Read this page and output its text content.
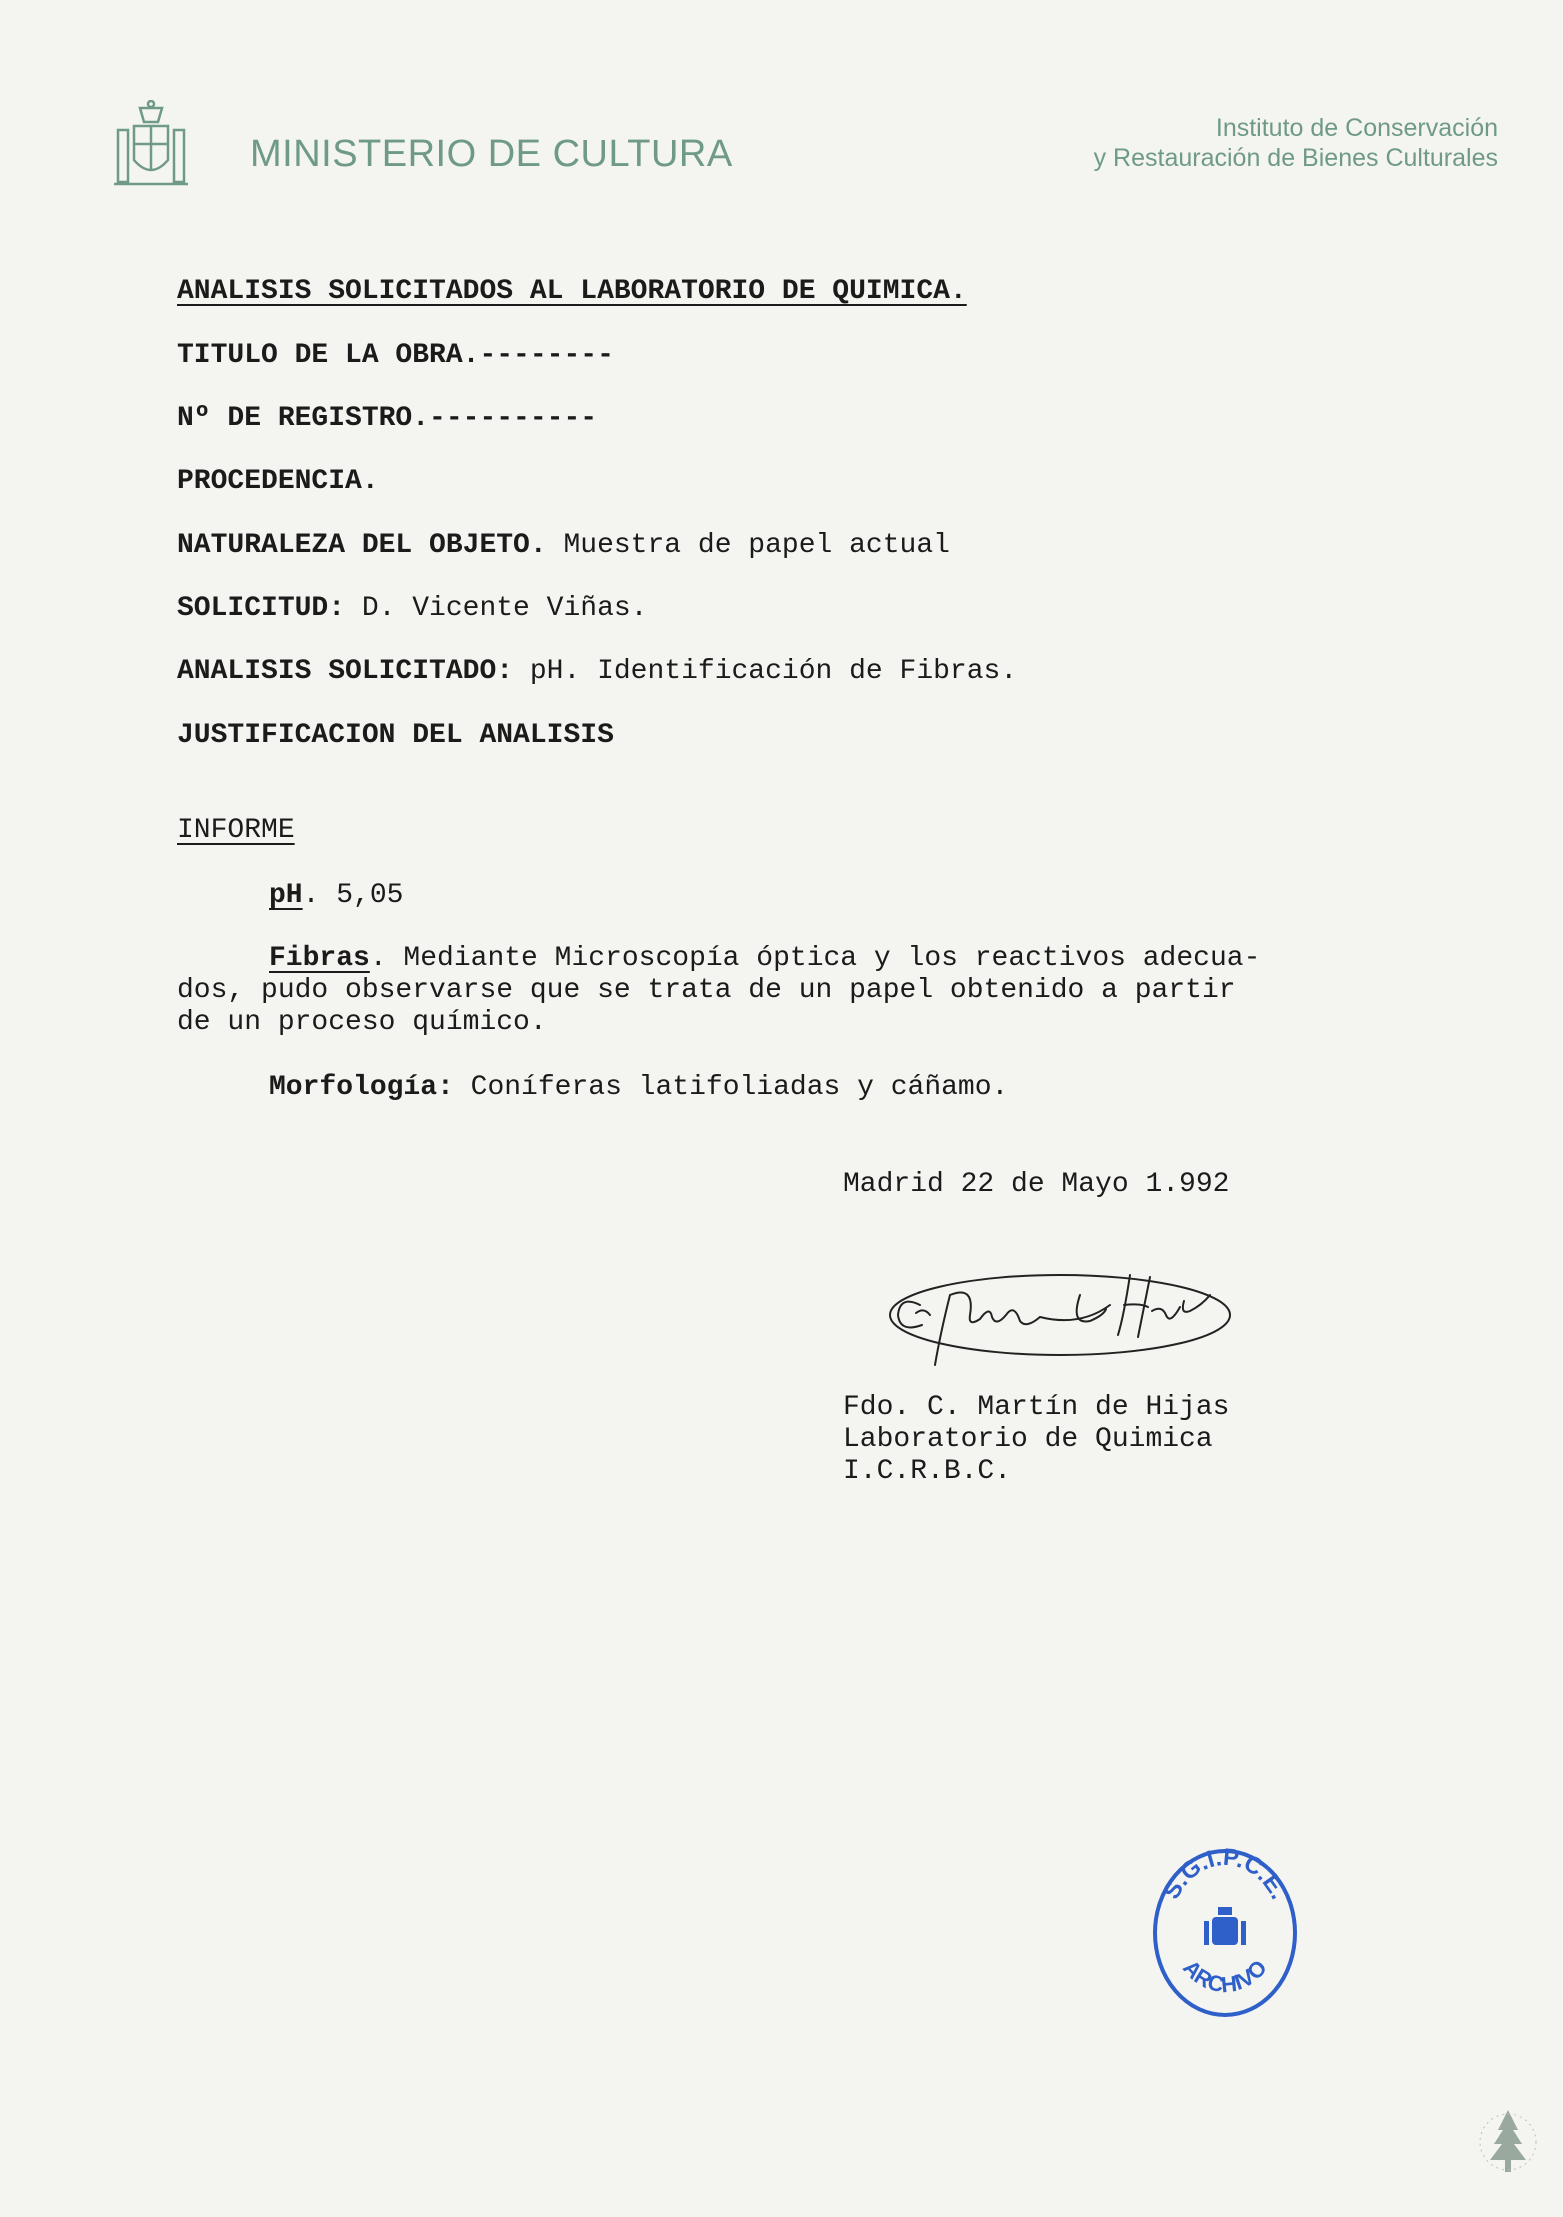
MINISTERIO DE CULTURA
Instituto de Conservación
y Restauración de Bienes Culturales
ANALISIS SOLICITADOS AL LABORATORIO DE QUIMICA.
TITULO DE LA OBRA.--------
Nº DE REGISTRO.----------
PROCEDENCIA.
NATURALEZA DEL OBJETO. Muestra de papel actual
SOLICITUD: D. Vicente Viñas.
ANALISIS SOLICITADO: pH. Identificación de Fibras.
JUSTIFICACION DEL ANALISIS
INFORME
pH. 5,05
Fibras. Mediante Microscopía óptica y los reactivos adecua-
dos, pudo observarse que se trata de un papel obtenido a partir
de un proceso químico.
Morfología: Coníferas latifoliadas y cáñamo.
Madrid 22 de Mayo 1.992
Fdo. C. Martín de Hijas
Laboratorio de Quimica
I.C.R.B.C.
S.G.I.P.C.E.
ARCHIVO
